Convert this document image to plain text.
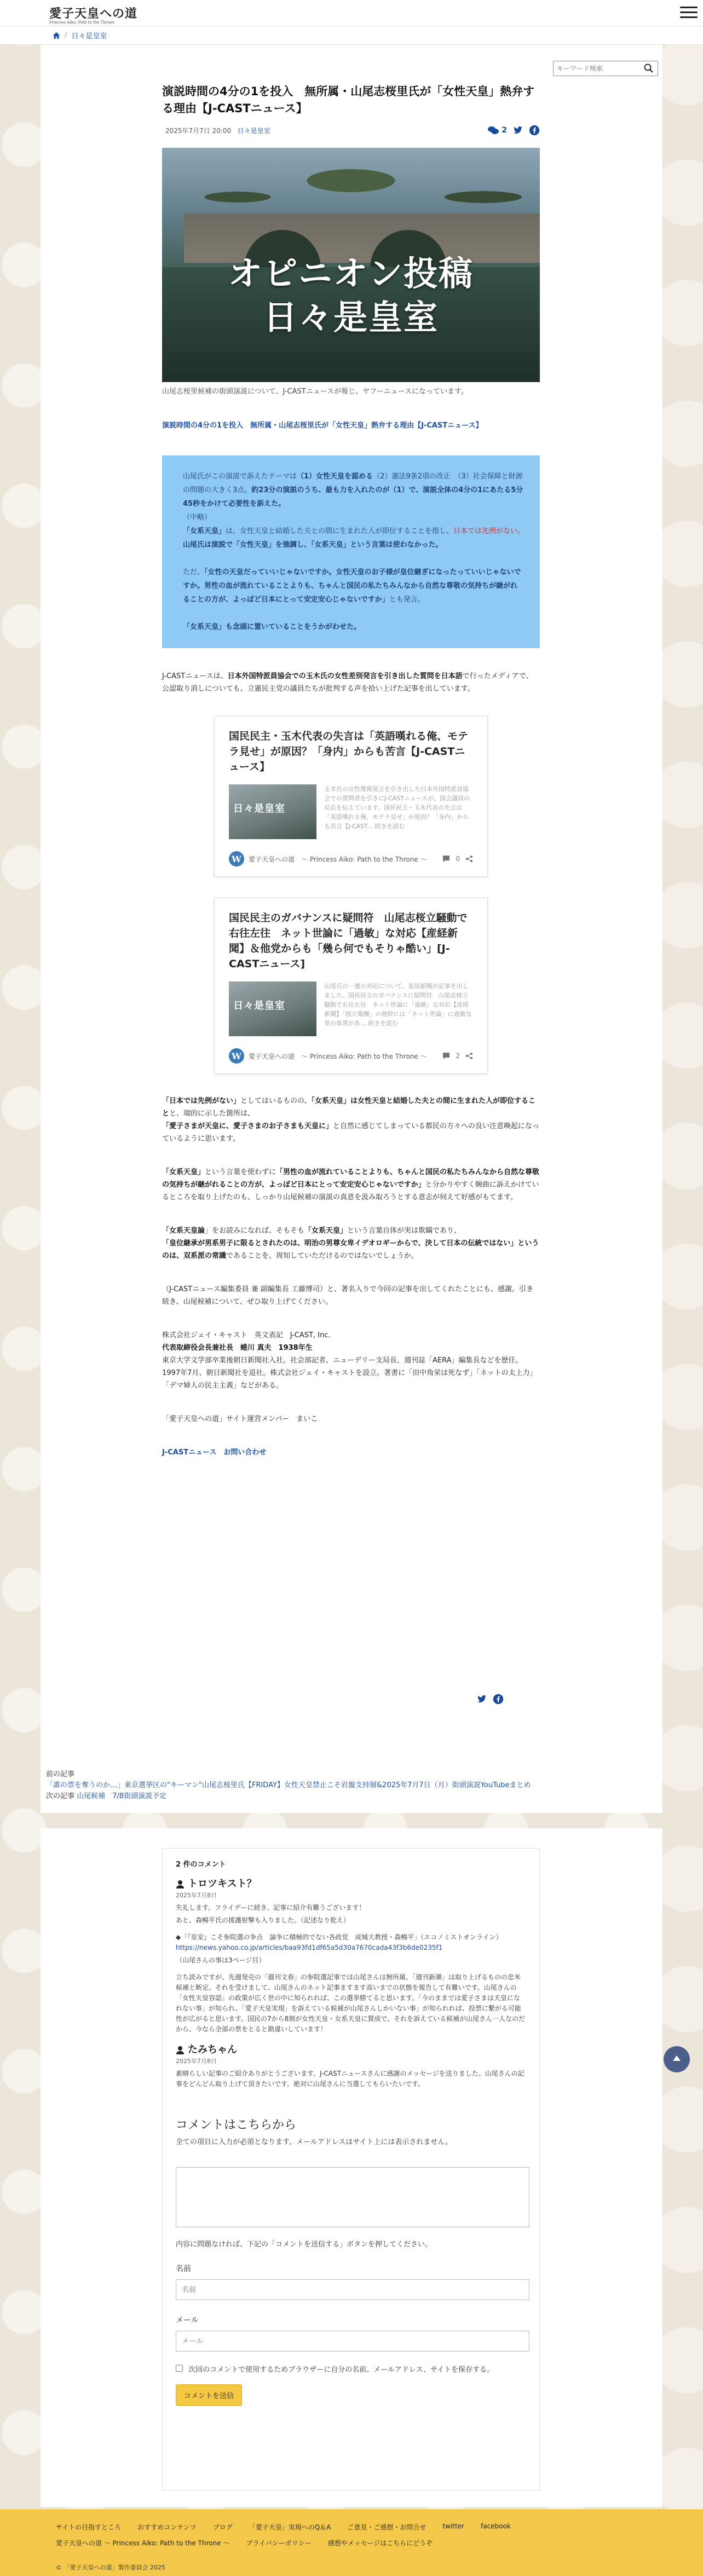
愛子天皇への道
Princess Aiko: Path to the Throne
/ 日々是皇室
演説時間の4分の1を投入　無所属・山尾志桜里氏が「女性天皇」熱弁する理由【J-CASTニュース】
2025年7月7日 20:00 日々是皇室	2
オピニオン投稿
日々是皇室

山尾志桜里候補の街頭演説について、J-CASTニュースが報じ、ヤフーニュースになっています。

演説時間の4分の1を投入　無所属・山尾志桜里氏が「女性天皇」熱弁する理由【J-CASTニュース】

山尾氏がこの演説で訴えたテーマは（1）女性天皇を認める（2）憲法9条2項の改正　（3）社会保障と財源の問題の大きく3点。約23分の演説のうち、最も力を入れたのが（1）で、演説全体の4分の1にあたる5分45秒をかけて必要性を訴えた。
（中略）
「女系天皇」は、女性天皇と結婚した夫との間に生まれた人が即位することを指し、日本では先例がない。　山尾氏は演説で「女性天皇」を強調し、「女系天皇」という言葉は使わなかった。

ただ、「女性の天皇だっていいじゃないですか。女性天皇のお子様が皇位継ぎになったっていいじゃないですか。男性の血が流れていることよりも、ちゃんと国民の私たちみんなから自然な尊敬の気持ちが継がれることの方が、よっぽど日本にとって安定安心じゃないですか」とも発言。

「女系天皇」も念頭に置いていることをうかがわせた。

J-CASTニュースは、日本外国特派員協会での玉木氏の女性差別発言を引き出した質問を日本語で行ったメディアで、公認取り消しについても、立憲民主党の議員たちが批判する声を拾い上げた記事を出しています。

国民民主・玉木代表の失言は「英語嘆れる俺、モテラ見せ」が原因？「身内」からも苦言【J-CASTニュース】
日々是皇室

玉木氏の女性蔑視発言を引き出した日本外国特派員協会での質問者を引きにJ-CASTニュースが、国会議員の反応を伝えています。国民民主・玉木代表の失言は「英語嘆れる俺、モテラ見せ」が原因？「身内」からも苦言【J-CAST... 続きを読む

W	愛子天皇への道　〜 Princess Aiko: Path to the Throne 〜	0
国民民主のガバナンスに疑問符　山尾志桜立騒動で右往左往　ネット世論に「過敏」な対応【産経新聞】＆他党からも「幾ら何でもそりゃ酷い」[J-CASTニュース]
日々是皇室

山尾氏の一連の対応について、産経新聞が記事を出しました。国民民主のガバナンスに疑問符　山尾志桜立騒動で右往左往　ネット世論に「過敏」な対応【産経新聞】「国立報酬」の他幹には「ネット世論」に過敏な党の体質があ... 続きを読む

W	愛子天皇への道　〜 Princess Aiko: Path to the Throne 〜	2

「日本では先例がない」としてはいるものの、「女系天皇」は女性天皇と結婚した夫との間に生まれた人が即位することと、端的に示した箇所は、
「愛子さまが天皇に、愛子さまのお子さまも天皇に」と自然に感じてしまっている都民の方々への良い注意喚起になっているように思います。

「女系天皇」という言葉を使わずに「男性の血が流れていることよりも、ちゃんと国民の私たちみんなから自然な尊敬の気持ちが継がれることの方が、よっぽど日本にとって安定安心じゃないですか」と分かりやすく婉曲に訴えかけているところを取り上げたのも、しっかり山尾候補の演説の真意を汲み取ろうとする意志が伺えて好感がもてます。

「女系天皇論」をお読みになれば、そもそも「女系天皇」という言葉自体が実は欺瞞であり、
「皇位継承が男系男子に限るとされたのは、明治の男尊女卑イデオロギーからで、決して日本の伝統ではない」というのは、双系派の常識であることを、周知していただけるのではないでしょうか。

（J-CASTニュース編集委員 兼 副編集長 工藤博司）と、著名入りで今回の記事を出してくれたことにも、感謝。引き続き、山尾候補について、ぜひ取り上げてください。

株式会社ジェイ・キャスト　英文表記　J-CAST, Inc.
代表取締役会長兼社長　蜷川 真夫　1938年生
東京大学文学部卒業後朝日新聞社入社。社会部記者、ニューデリー支局長、週刊誌「AERA」編集長などを歴任。1997年7月、朝日新聞社を退社。株式会社ジェイ・キャストを設立。著書に「田中角栄は死なず」「ネットの太上力」「デマ婦人の民主主義」などがある。

「愛子天皇への道」サイト運営メンバー　まいこ

J-CASTニュース　お問い合わせ
キーワード検索
前の記事
「誰の票を奪うのか…」東京選挙区の"キーマン"山尾志桜里氏【FRIDAY】女性天皇禁止こそ岩盤支持層&2025年7月7日（月）街頭演説YouTubeまとめ
次の記事 山尾候補　7/8街頭演説予定
2 件のコメント
トロツキスト？
2025年7月8日

失礼します。フライデーに続き、記事に紹介有難うございます！

あと、森暢平氏の援護射撃も入りました。（記述なり乾え）

◆「『皇室』こそ参院選の争点　論争に積極的でない各政党　成城大教授・森暢平」（エコノミストオンライン）

https://news.yahoo.co.jp/articles/baa93fd1df65a5d30a7670cada43f3b6de0235f1

（山尾さんの事は3ページ目）

立ち読みですが、先週発売の「週刊文春」の参院選記事では山尾さんは無所属、「週刊新潮」は取り上げるものの忠米候補と断定。それを受けまして、山尾さんのネット記事ますます高いまでの状態を報告して有難いです。山尾さんの「女性天皇容認」の政策が広く世の中に知られれば、この選挙勝てると思います。「今のままでは愛子さまは天皇になれない事」が知られ、「愛子天皇実現」を訴えている候補が山尾さんしかいない事」が知られれば、投票に繋がる可能性が広がると思います。国民の7から8割が女性天皇・女系天皇に賛成で、それを訴えている候補が山尾さん一人なのだから、今なら全部の票をとると勘違いしています！

たみちゃん
2025年7月8日

素晴らしい記事のご紹介ありがとうございます。J-CASTニュースさんに感謝のメッセージを送りました。山尾さんの記事をどんどん取り上げて頂きたいです。絶対に山尾さんに当選してもらいたいです。

コメントはこちらから

全ての項目に入力が必須となります。メールアドレスはサイト上には表示されません。

内容に問題なければ、下記の「コメントを送信する」ボタンを押してください。

名前
名前
メール
メール
次回のコメントで使用するためブラウザーに自分の名前、メールアドレス、サイトを保存する。
コメントを送信
サイトの目指すところ	おすすめコンテンツ	ブログ	「愛子天皇」実現へのQ＆A	ご意見・ご感想・お問合せ	twitter	facebook
愛子天皇への道 〜 Princess Aiko: Path to the Throne 〜	プライバシーポリシー	感想やメッセージはこちらにどうぞ
© 「愛子天皇への道」製作委員会 2025
